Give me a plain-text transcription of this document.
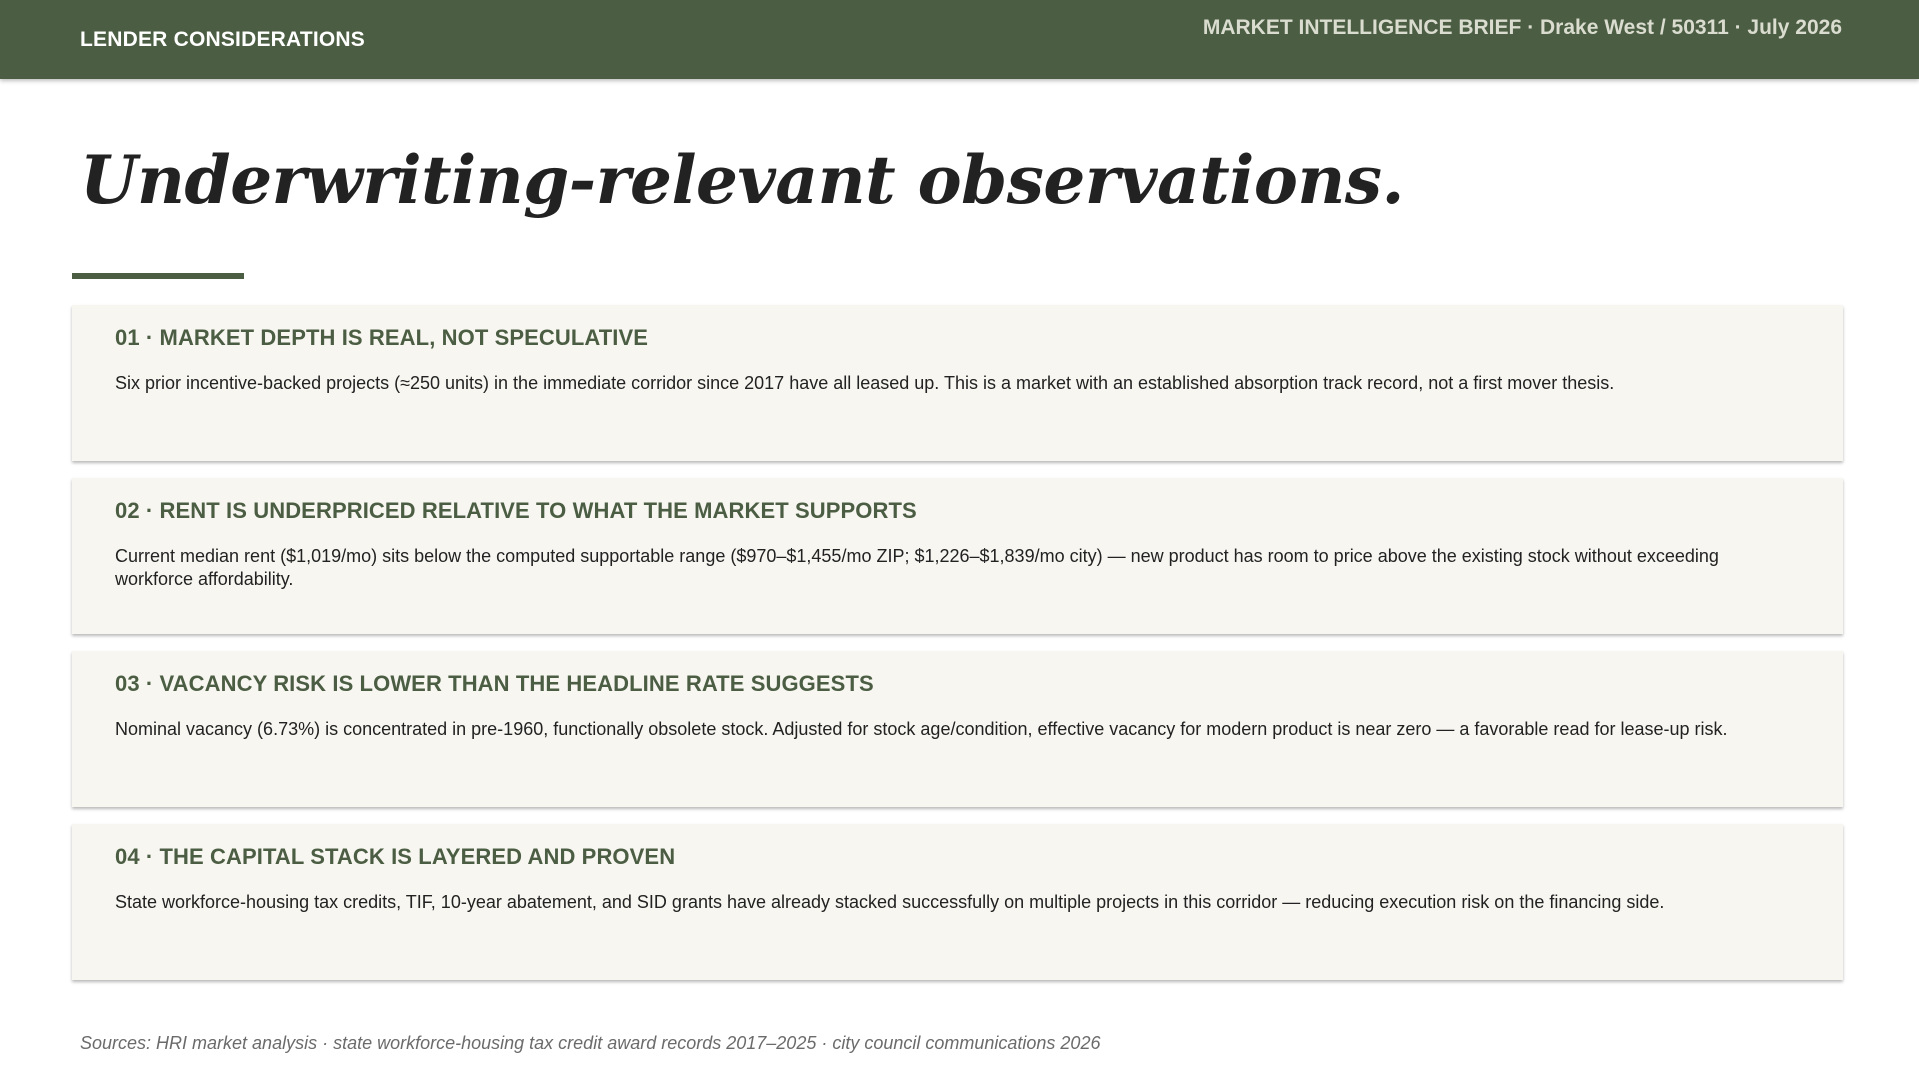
LENDER CONSIDERATIONS
MARKET INTELLIGENCE BRIEF · Drake West / 50311 · July 2026
Underwriting-relevant observations.
01 · MARKET DEPTH IS REAL, NOT SPECULATIVE
Six prior incentive-backed projects (≈250 units) in the immediate corridor since 2017 have all leased up. This is a market with an established absorption track record, not a first mover thesis.
02 · RENT IS UNDERPRICED RELATIVE TO WHAT THE MARKET SUPPORTS
Current median rent ($1,019/mo) sits below the computed supportable range ($970–$1,455/mo ZIP; $1,226–$1,839/mo city) — new product has room to price above the existing stock without exceeding workforce affordability.
03 · VACANCY RISK IS LOWER THAN THE HEADLINE RATE SUGGESTS
Nominal vacancy (6.73%) is concentrated in pre-1960, functionally obsolete stock. Adjusted for stock age/condition, effective vacancy for modern product is near zero — a favorable read for lease-up risk.
04 · THE CAPITAL STACK IS LAYERED AND PROVEN
State workforce-housing tax credits, TIF, 10-year abatement, and SID grants have already stacked successfully on multiple projects in this corridor — reducing execution risk on the financing side.
Sources: HRI market analysis · state workforce-housing tax credit award records 2017–2025 · city council communications 2026
